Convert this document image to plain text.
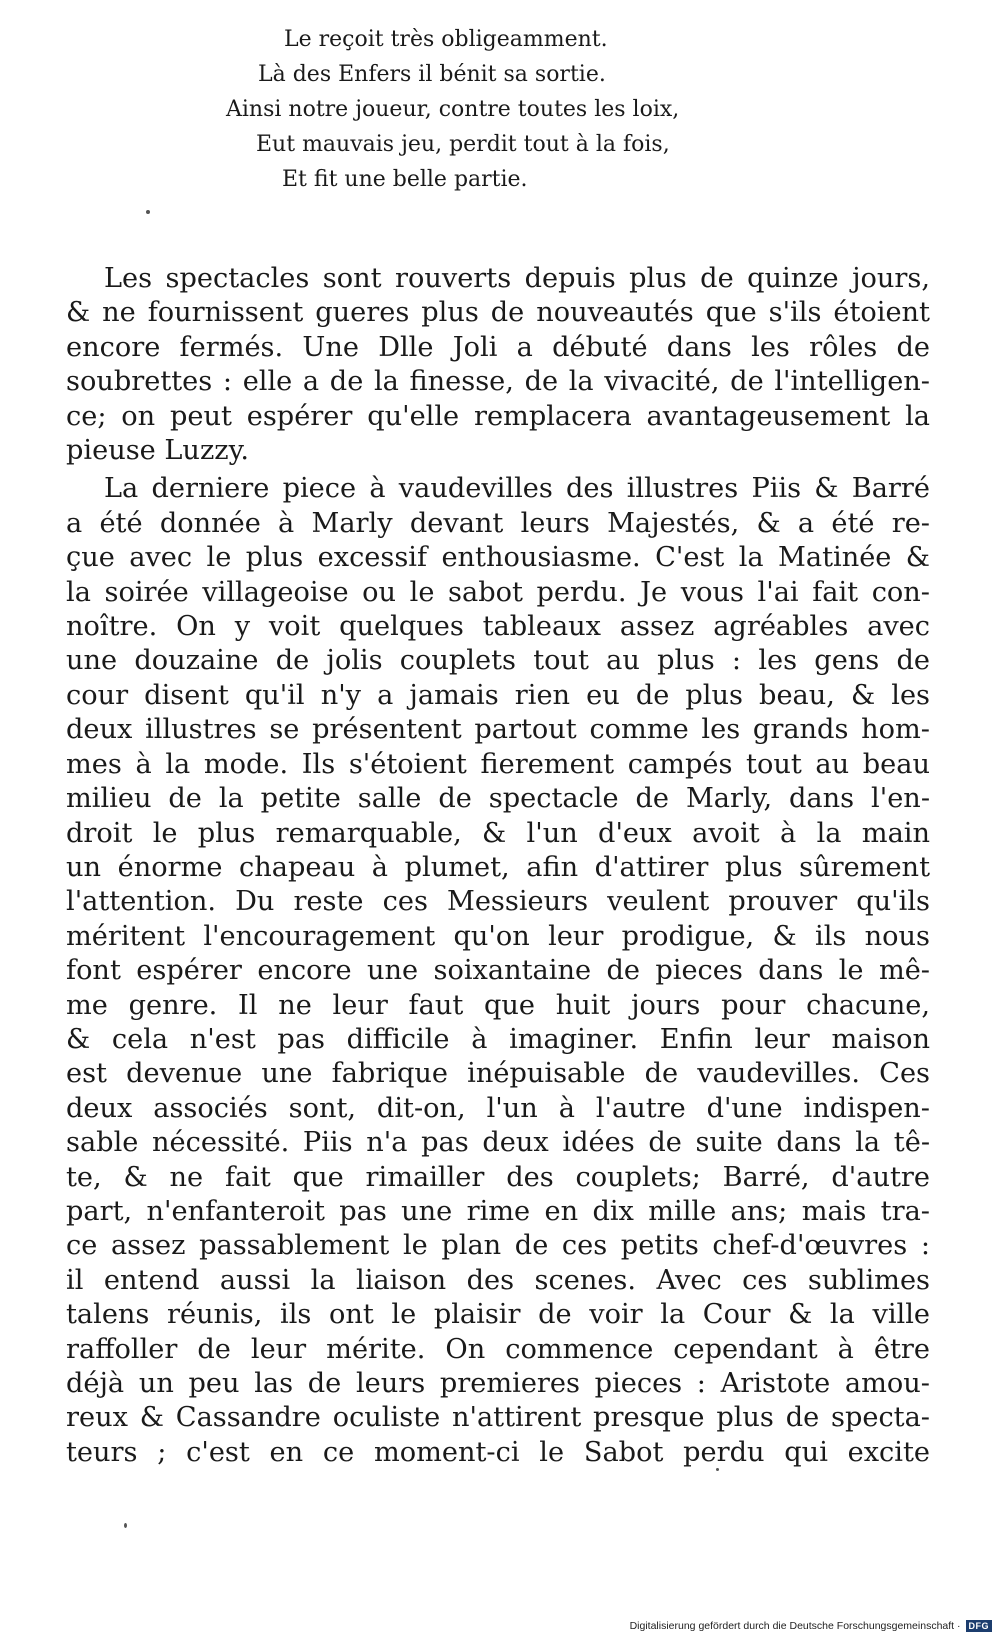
Le reçoit très obligeamment.
Là des Enfers il bénit sa sortie.
Ainsi notre joueur, contre toutes les loix,
Eut mauvais jeu, perdit tout à la fois,
Et fit une belle partie.
Les spectacles sont rouverts depuis plus de quinze jours,
& ne fournissent gueres plus de nouveautés que s'ils étoient
encore fermés. Une Dlle Joli a débuté dans les rôles de
soubrettes : elle a de la finesse, de la vivacité, de l'intelligen-
ce; on peut espérer qu'elle remplacera avantageusement la
pieuse Luzzy.
La derniere piece à vaudevilles des illustres Piis & Barré
a été donnée à Marly devant leurs Majestés, & a été re-
çue avec le plus excessif enthousiasme. C'est la Matinée &
la soirée villageoise ou le sabot perdu. Je vous l'ai fait con-
noître. On y voit quelques tableaux assez agréables avec
une douzaine de jolis couplets tout au plus : les gens de
cour disent qu'il n'y a jamais rien eu de plus beau, & les
deux illustres se présentent partout comme les grands hom-
mes à la mode. Ils s'étoient fierement campés tout au beau
milieu de la petite salle de spectacle de Marly, dans l'en-
droit le plus remarquable, & l'un d'eux avoit à la main
un énorme chapeau à plumet, afin d'attirer plus sûrement
l'attention. Du reste ces Messieurs veulent prouver qu'ils
méritent l'encouragement qu'on leur prodigue, & ils nous
font espérer encore une soixantaine de pieces dans le mê-
me genre. Il ne leur faut que huit jours pour chacune,
& cela n'est pas difficile à imaginer. Enfin leur maison
est devenue une fabrique inépuisable de vaudevilles. Ces
deux associés sont, dit-on, l'un à l'autre d'une indispen-
sable nécessité. Piis n'a pas deux idées de suite dans la tê-
te, & ne fait que rimailler des couplets; Barré, d'autre
part, n'enfanteroit pas une rime en dix mille ans; mais tra-
ce assez passablement le plan de ces petits chef-d'œuvres :
il entend aussi la liaison des scenes. Avec ces sublimes
talens réunis, ils ont le plaisir de voir la Cour & la ville
raffoller de leur mérite. On commence cependant à être
déjà un peu las de leurs premieres pieces : Aristote amou-
reux & Cassandre oculiste n'attirent presque plus de specta-
teurs ; c'est en ce moment-ci le Sabot perdu qui excite
Digitalisierung gefördert durch die Deutsche Forschungsgemeinschaft · DFG
